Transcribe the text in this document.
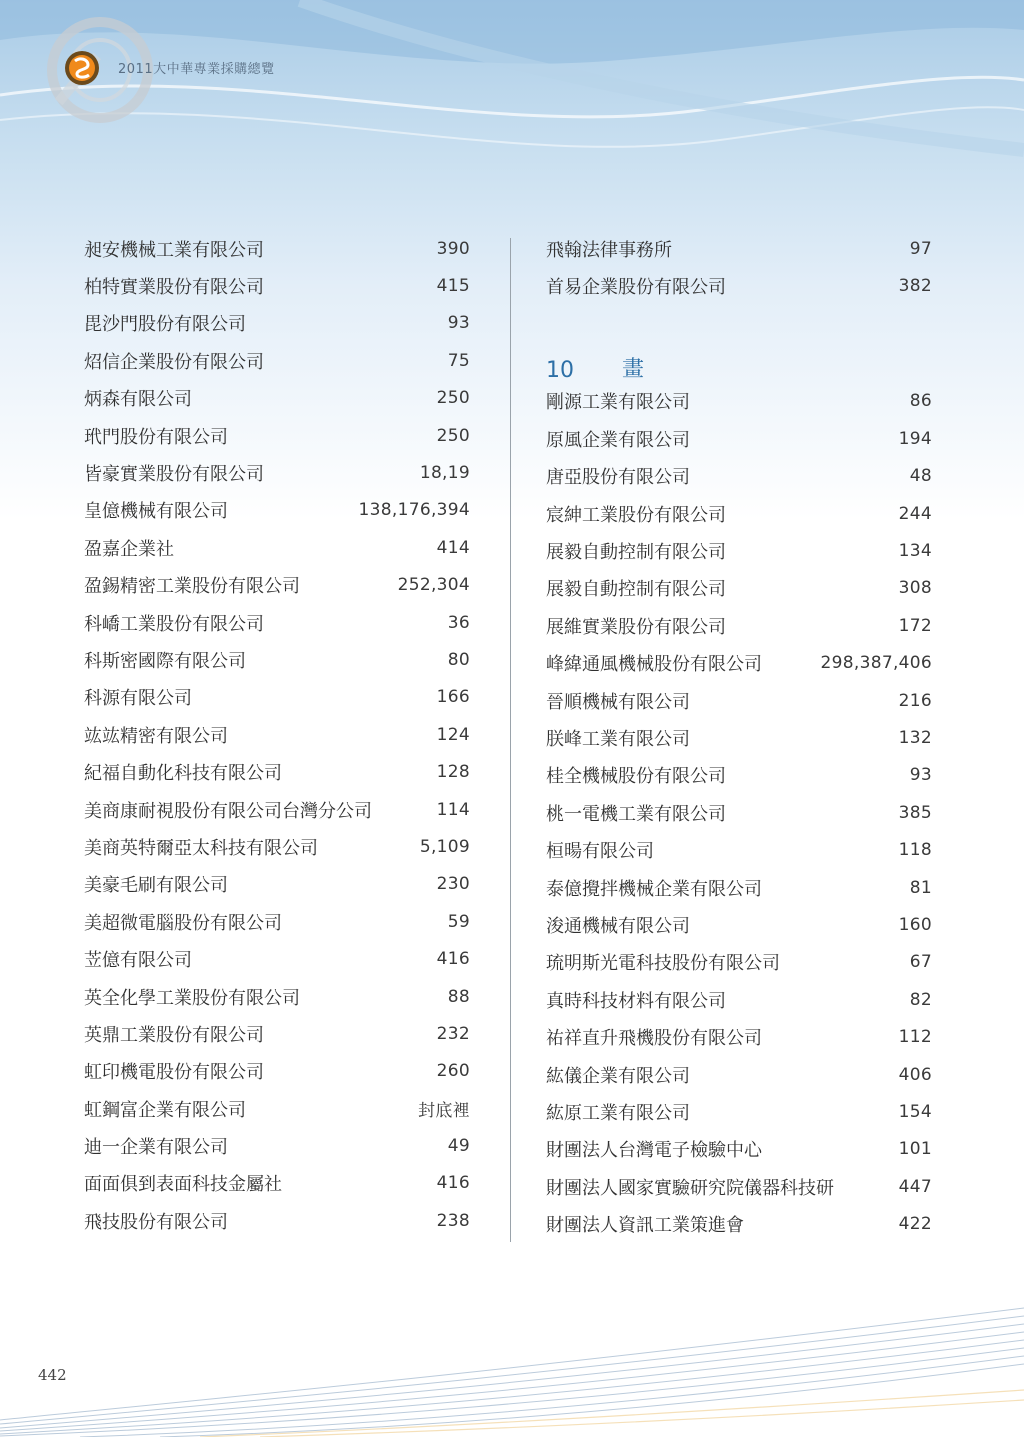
2011大中華專業採購總覽
昶安機械工業有限公司	390
柏特實業股份有限公司	415
毘沙門股份有限公司	93
炤信企業股份有限公司	75
炳森有限公司	250
玳門股份有限公司	250
皆豪實業股份有限公司	18,19
皇億機械有限公司	138,176,394
盈嘉企業社	414
盈錫精密工業股份有限公司	252,304
科嶠工業股份有限公司	36
科斯密國際有限公司	80
科源有限公司	166
竑竑精密有限公司	124
紀福自動化科技有限公司	128
美商康耐視股份有限公司台灣分公司	114
美商英特爾亞太科技有限公司	5,109
美豪毛刷有限公司	230
美超微電腦股份有限公司	59
苙億有限公司	416
英全化學工業股份有限公司	88
英鼎工業股份有限公司	232
虹印機電股份有限公司	260
虹鋼富企業有限公司	封底裡
迪一企業有限公司	49
面面俱到表面科技金屬社	416
飛技股份有限公司	238
飛翰法律事務所	97
首易企業股份有限公司	382
10	畫
剛源工業有限公司	86
原風企業有限公司	194
唐亞股份有限公司	48
宸紳工業股份有限公司	244
展毅自動控制有限公司	134
展毅自動控制有限公司	308
展維實業股份有限公司	172
峰緯通風機械股份有限公司	298,387,406
晉順機械有限公司	216
朕峰工業有限公司	132
桂全機械股份有限公司	93
桃一電機工業有限公司	385
桓暘有限公司	118
泰億攪拌機械企業有限公司	81
浚通機械有限公司	160
琉明斯光電科技股份有限公司	67
真時科技材料有限公司	82
祐祥直升飛機股份有限公司	112
紘儀企業有限公司	406
紘原工業有限公司	154
財團法人台灣電子檢驗中心	101
財團法人國家實驗研究院儀器科技研	447
財團法人資訊工業策進會	422
442
